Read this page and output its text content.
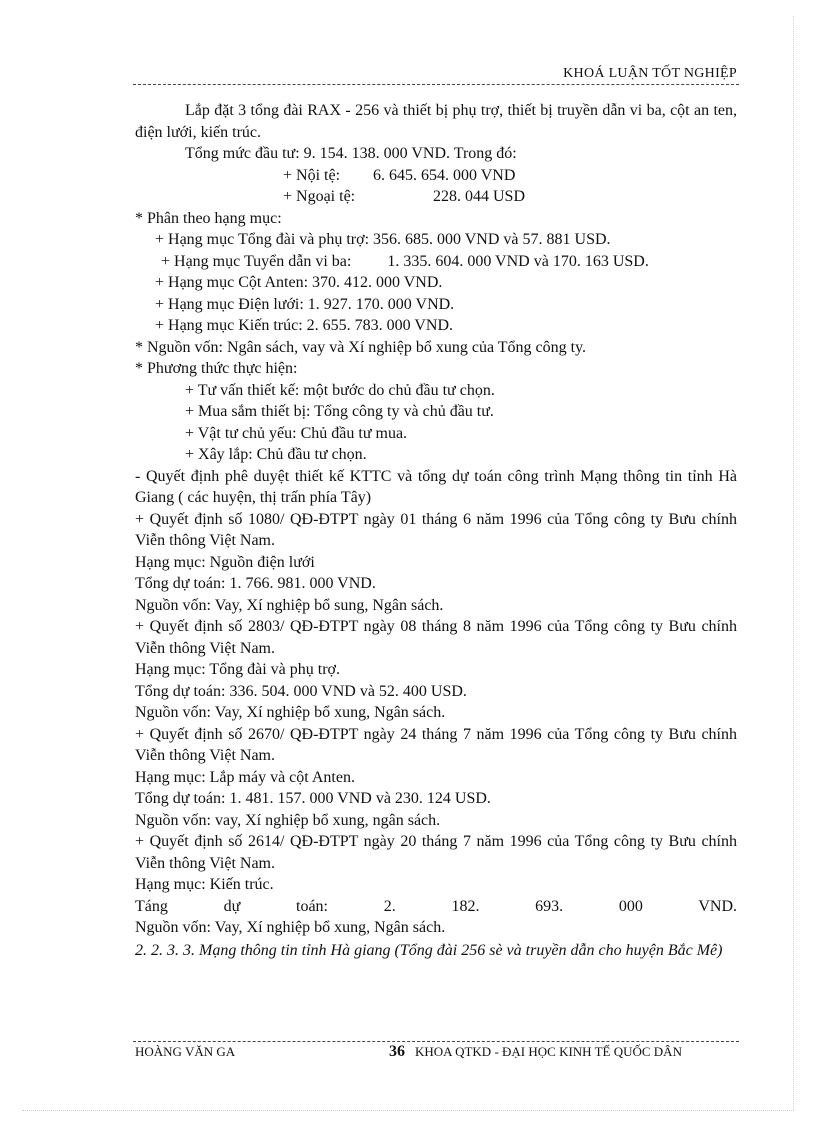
KHOÁ LUẬN TỐT NGHIỆP

Lắp đặt 3 tổng đài RAX - 256 và thiết bị phụ trợ, thiết bị truyền dẫn vi ba, cột an ten, điện lưới, kiến trúc.

Tổng mức đầu tư: 9. 154. 138. 000 VND. Trong đó:

+ Nội tệ: 6. 645. 654. 000 VND

+ Ngoại tệ:	228. 044 USD

* Phân theo hạng mục:

+ Hạng mục Tổng đài và phụ trợ: 356. 685. 000 VND và 57. 881 USD.

+ Hạng mục Tuyển dẫn vi ba:         1. 335. 604. 000 VND và 170. 163 USD.

+ Hạng mục Cột Anten: 370. 412. 000 VND.

+ Hạng mục Điện lưới: 1. 927. 170. 000 VND.

+ Hạng mục Kiến trúc: 2. 655. 783. 000 VND.

* Nguồn vốn: Ngân sách, vay và Xí nghiệp bổ xung của Tổng công ty.

* Phương thức thực hiện:

+ Tư vấn thiết kế: một bước do chủ đầu tư chọn.

+ Mua sắm thiết bị: Tổng công ty và chủ đầu tư.

+ Vật tư chủ yếu: Chủ đầu tư mua.

+ Xây lắp: Chủ đầu tư chọn.

- Quyết định phê duyệt thiết kế KTTC và tổng dự toán công trình Mạng thông tin tỉnh Hà Giang ( các huyện, thị trấn phía Tây)

+ Quyết định số 1080/ QĐ-ĐTPT ngày 01 tháng 6 năm 1996 của Tổng công ty Bưu chính Viễn thông Việt Nam.

Hạng mục: Nguồn điện lưới

Tổng dự toán: 1. 766. 981. 000 VND.

Nguồn vốn: Vay, Xí nghiệp bổ sung, Ngân sách.

+ Quyết định số 2803/ QĐ-ĐTPT ngày 08 tháng 8 năm 1996 của Tổng công ty Bưu chính Viễn thông Việt Nam.

Hạng mục: Tổng đài và phụ trợ.

Tổng dự toán: 336. 504. 000 VND và 52. 400 USD.

Nguồn vốn: Vay, Xí nghiệp bổ xung, Ngân sách.

+ Quyết định số 2670/ QĐ-ĐTPT ngày 24 tháng 7 năm 1996 của Tổng công ty Bưu chính Viễn thông Việt Nam.

Hạng mục: Lắp máy và cột Anten.

Tổng dự toán: 1. 481. 157. 000 VND và 230. 124 USD.

Nguồn vốn: vay, Xí nghiệp bổ xung, ngân sách.

+ Quyết định số 2614/ QĐ-ĐTPT ngày 20 tháng 7 năm 1996 của Tổng công ty Bưu chính Viễn thông Việt Nam.

Hạng mục: Kiến trúc.

Táng dự toán: 2. 182. 693. 000 VND.

Nguồn vốn: Vay, Xí nghiệp bổ xung, Ngân sách.

2. 2. 3. 3. Mạng thông tin tỉnh Hà giang (Tổng đài 256 sè và truyền dẫn cho huyện Bắc Mê)

HOÀNG VĂN GA	36 KHOA QTKD - ĐẠI HỌC KINH TẾ QUỐC DÂN
